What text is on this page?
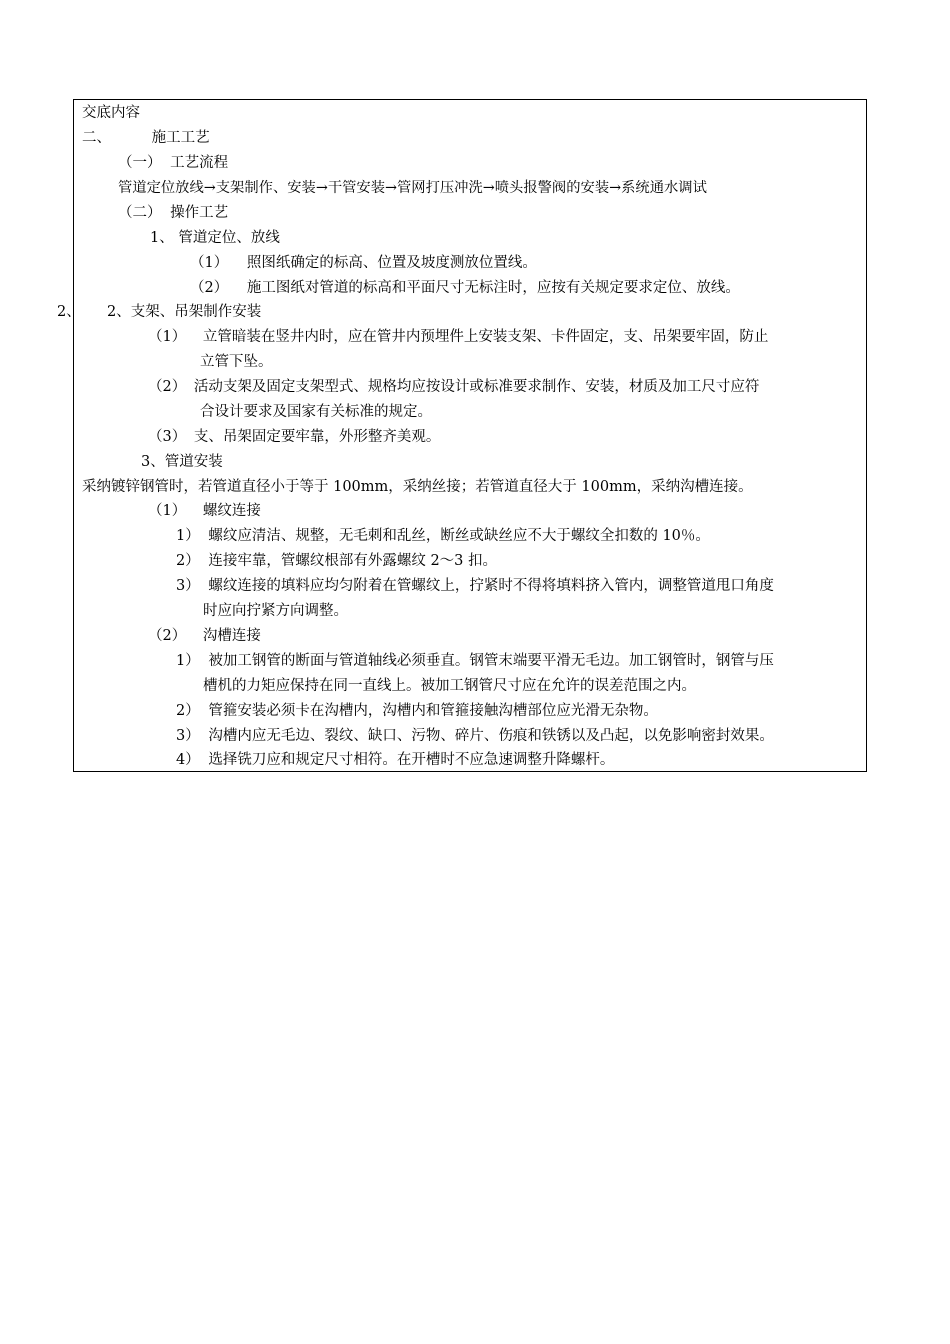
2、
交底内容
二、	施工工艺
（一） 工艺流程
管道定位放线→支架制作、安装→干管安装→管网打压冲洗→喷头报警阀的安装→系统通水调试
（二） 操作工艺
1、 管道定位、放线
（1） 照图纸确定的标高、位置及坡度测放位置线。
（2） 施工图纸对管道的标高和平面尺寸无标注时，应按有关规定要求定位、放线。
2、支架、吊架制作安装
（1） 立管暗装在竖井内时，应在管井内预埋件上安装支架、卡件固定，支、吊架要牢固，防止
立管下坠。
（2） 活动支架及固定支架型式、规格均应按设计或标准要求制作、安装，材质及加工尺寸应符
合设计要求及国家有关标准的规定。
（3） 支、吊架固定要牢靠，外形整齐美观。
3、管道安装
采纳镀锌钢管时，若管道直径小于等于 100mm，采纳丝接；若管道直径大于 100mm，采纳沟槽连接。
（1） 螺纹连接
1） 螺纹应清洁、规整，无毛刺和乱丝，断丝或缺丝应不大于螺纹全扣数的 10％。
2） 连接牢靠，管螺纹根部有外露螺纹 2～3 扣。
3） 螺纹连接的填料应均匀附着在管螺纹上，拧紧时不得将填料挤入管内，调整管道甩口角度
时应向拧紧方向调整。
（2） 沟槽连接
1） 被加工钢管的断面与管道轴线必须垂直。钢管末端要平滑无毛边。加工钢管时，钢管与压
槽机的力矩应保持在同一直线上。被加工钢管尺寸应在允许的误差范围之内。
2） 管箍安装必须卡在沟槽内，沟槽内和管箍接触沟槽部位应光滑无杂物。
3） 沟槽内应无毛边、裂纹、缺口、污物、碎片、伤痕和铁锈以及凸起，以免影响密封效果。
4） 选择铣刀应和规定尺寸相符。在开槽时不应急速调整升降螺杆。
